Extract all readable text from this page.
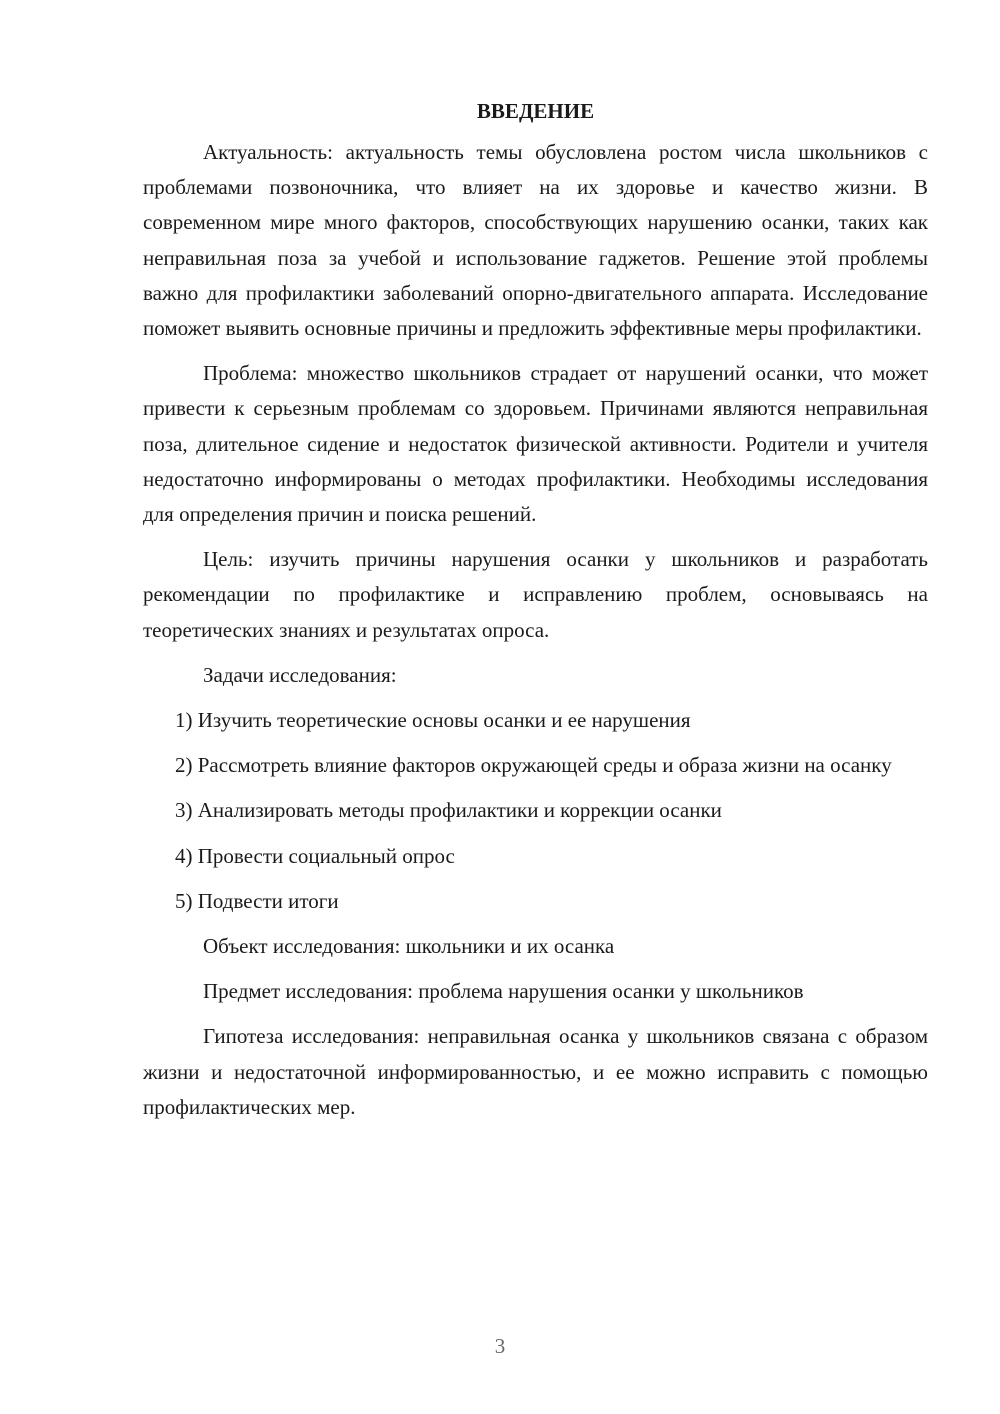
ВВЕДЕНИЕ

Актуальность: актуальность темы обусловлена ростом числа школьников с проблемами позвоночника, что влияет на их здоровье и качество жизни. В современном мире много факторов, способствующих нарушению осанки, таких как неправильная поза за учебой и использование гаджетов. Решение этой проблемы важно для профилактики заболеваний опорно-двигательного аппарата. Исследование поможет выявить основные причины и предложить эффективные меры профилактики.

Проблема: множество школьников страдает от нарушений осанки, что может привести к серьезным проблемам со здоровьем. Причинами являются неправильная поза, длительное сидение и недостаток физической активности. Родители и учителя недостаточно информированы о методах профилактики. Необходимы исследования для определения причин и поиска решений.

Цель: изучить причины нарушения осанки у школьников и разработать рекомендации по профилактике и исправлению проблем, основываясь на теоретических знаниях и результатах опроса.

Задачи исследования:

1) Изучить теоретические основы осанки и ее нарушения

2) Рассмотреть влияние факторов окружающей среды и образа жизни на осанку

3) Анализировать методы профилактики и коррекции осанки

4) Провести социальный опрос

5) Подвести итоги

Объект исследования: школьники и их осанка

Предмет исследования: проблема нарушения осанки у школьников

Гипотеза исследования: неправильная осанка у школьников связана с образом жизни и недостаточной информированностью, и ее можно исправить с помощью профилактических мер.

3
